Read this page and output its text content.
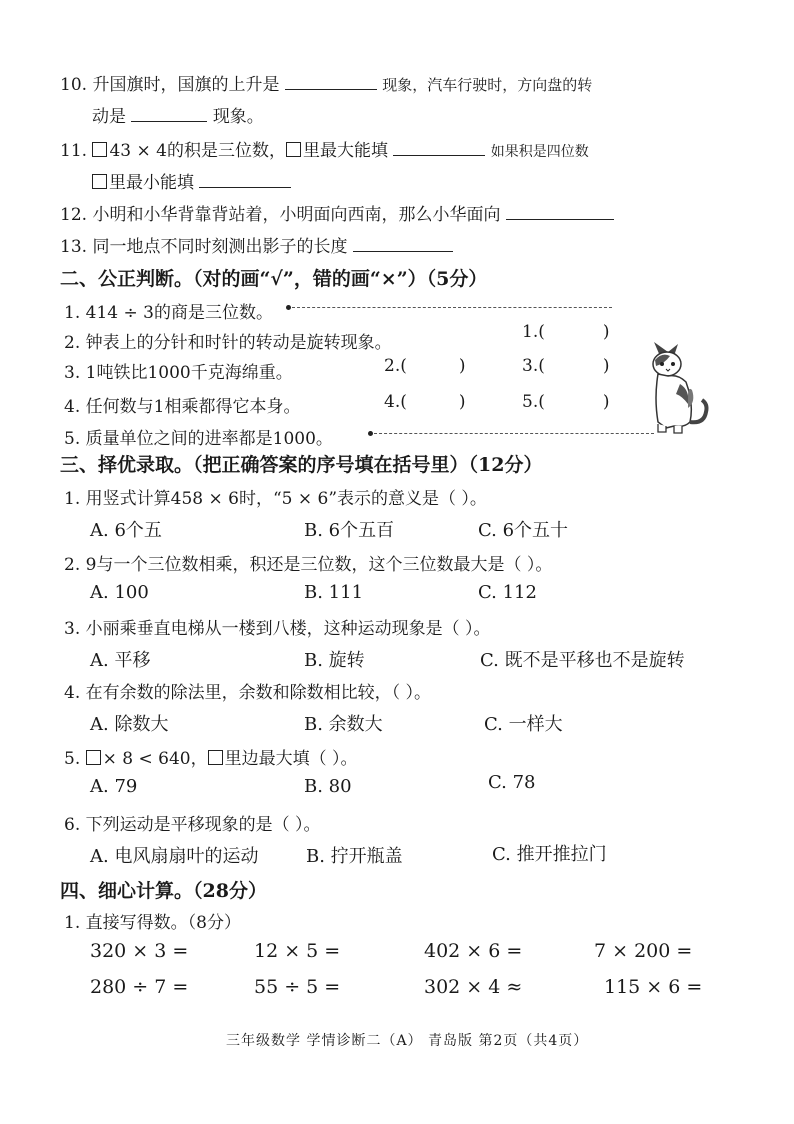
10. 升国旗时，国旗的上升是	现象，汽车行驶时，方向盘的转
动是	现象。
11. 43 × 4的积是三位数， 里最大能填	如果积是四位数
里最小能填
12. 小明和小华背靠背站着，小明面向西南，那么小华面向
13. 同一地点不同时刻测出影子的长度
二、公正判断。（对的画“√”，错的画“×”）（5分）
1. 414 ÷ 3的商是三位数。
2. 钟表上的分针和时针的转动是旋转现象。
3. 1吨铁比1000千克海绵重。
4. 任何数与1相乘都得它本身。
5. 质量单位之间的进率都是1000。
1.(	)
2.(	)	3.(	)
4.(	)	5.(	)
三、择优录取。（把正确答案的序号填在括号里）（12分）
1. 用竖式计算458 × 6时，“5 × 6”表示的意义是（ ）。
A. 6个五	B. 6个五百	C. 6个五十
2. 9与一个三位数相乘，积还是三位数，这个三位数最大是（ ）。
A. 100	B. 111	C. 112
3. 小丽乘垂直电梯从一楼到八楼，这种运动现象是（ ）。
A. 平移	B. 旋转	C. 既不是平移也不是旋转
4. 在有余数的除法里，余数和除数相比较，（ ）。
A. 除数大	B. 余数大	C. 一样大
5. × 8 < 640， 里边最大填（ ）。
A. 79	B. 80	C. 78
6. 下列运动是平移现象的是（ ）。
A. 电风扇扇叶的运动	B. 拧开瓶盖	C. 推开推拉门
四、细心计算。（28分）
1. 直接写得数。（8分）
320 × 3 =	12 × 5 =	402 × 6 =	7 × 200 =
280 ÷ 7 =	55 ÷ 5 =	302 × 4 ≈	115 × 6 =
三年级数学 学情诊断二（A） 青岛版 第2页（共4页）
